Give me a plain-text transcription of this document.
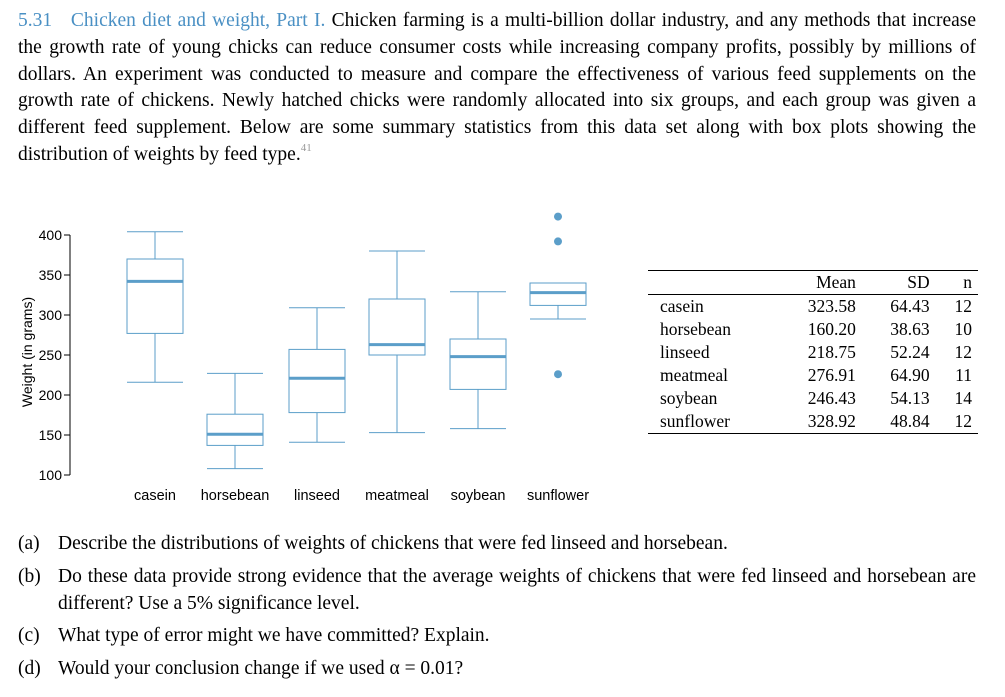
5.31 Chicken diet and weight, Part I. Chicken farming is a multi-billion dollar industry, and any methods that increase the growth rate of young chicks can reduce consumer costs while increasing company profits, possibly by millions of dollars. An experiment was conducted to measure and compare the effectiveness of various feed supplements on the growth rate of chickens. Newly hatched chicks were randomly allocated into six groups, and each group was given a different feed supplement. Below are some summary statistics from this data set along with box plots showing the distribution of weights by feed type.$^{41}$
Weight (in grams)
400
350
300
250
200
150
100
casein horsebean linseed meatmeal soybean sunflower
	Mean	SD	n
casein	323.58	64.43	12
horsebean	160.20	38.63	10
linseed	218.75	52.24	12
meatmeal	276.91	64.90	11
soybean	246.43	54.13	14
sunflower	328.92	48.84	12
(a) Describe the distributions of weights of chickens that were fed linseed and horsebean.
(b) Do these data provide strong evidence that the average weights of chickens that were fed linseed and horsebean are different? Use a 5% significance level.
(c) What type of error might we have committed? Explain.
(d) Would your conclusion change if we used α = 0.01?
